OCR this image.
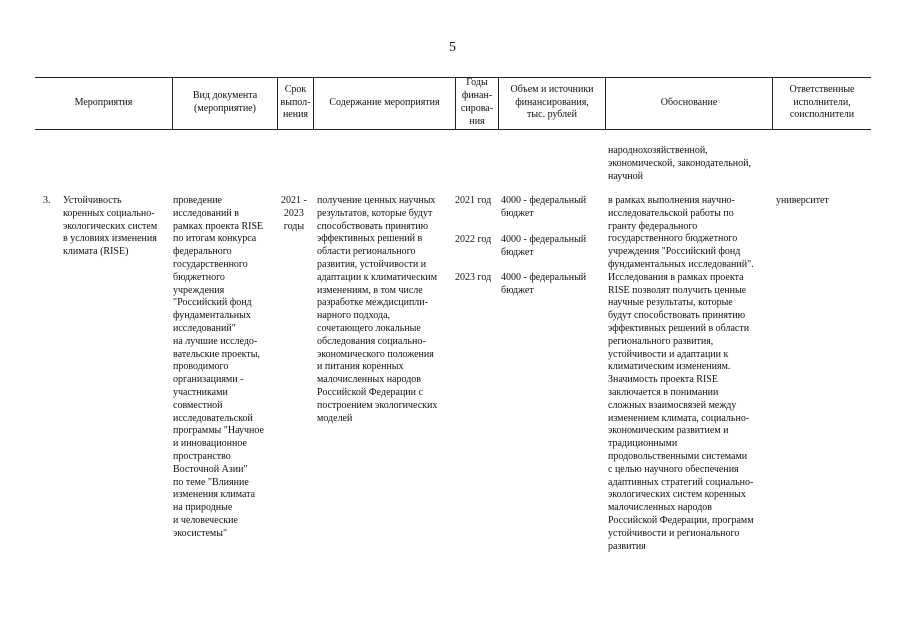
5
Мероприятия
Вид документа
(мероприятие)
Срок
выпол-
нения
Содержание мероприятия
Годы
финан-
сирова-
ния
Объем и источники
финансирования,
тыс. рублей
Обоснование
Ответственные
исполнители,
соисполнители
народнохозяйственной,
экономической, законодательной,
научной
3. Устойчивость
коренных социально-
экологических систем
в условиях изменения
климата (RISE)
проведение
исследований в
рамках проекта RISE
по итогам конкурса
федерального
государственного
бюджетного
учреждения
"Российский фонд
фундаментальных
исследований"
на лучшие исследо-
вательские проекты,
проводимого
организациями -
участниками
совместной
исследовательской
программы "Научное
и инновационное
пространство
Восточной Азии"
по теме "Влияние
изменения климата
на природные
и человеческие
экосистемы"
2021 -
2023
годы
получение ценных научных
результатов, которые будут
способствовать принятию
эффективных решений в
области регионального
развития, устойчивости и
адаптации к климатическим
изменениям, в том числе
разработке междисципли-
нарного подхода,
сочетающего локальные
обследования социально-
экономического положения
и питания коренных
малочисленных народов
Российской Федерации с
построением экологических
моделей
2021 год 4000 - федеральный
бюджет
2022 год 4000 - федеральный
бюджет
2023 год 4000 - федеральный
бюджет
в рамках выполнения научно-
исследовательской работы по
гранту федерального
государственного бюджетного
учреждения "Российский фонд
фундаментальных исследований".
Исследования в рамках проекта
RISE позволят получить ценные
научные результаты, которые
будут способствовать принятию
эффективных решений в области
регионального развития,
устойчивости и адаптации к
климатическим изменениям.
Значимость проекта RISE
заключается в понимании
сложных взаимосвязей между
изменением климата, социально-
экономическим развитием и
традиционными
продовольственными системами
с целью научного обеспечения
адаптивных стратегий социально-
экологических систем коренных
малочисленных народов
Российской Федерации, программ
устойчивости и регионального
развития
университет
